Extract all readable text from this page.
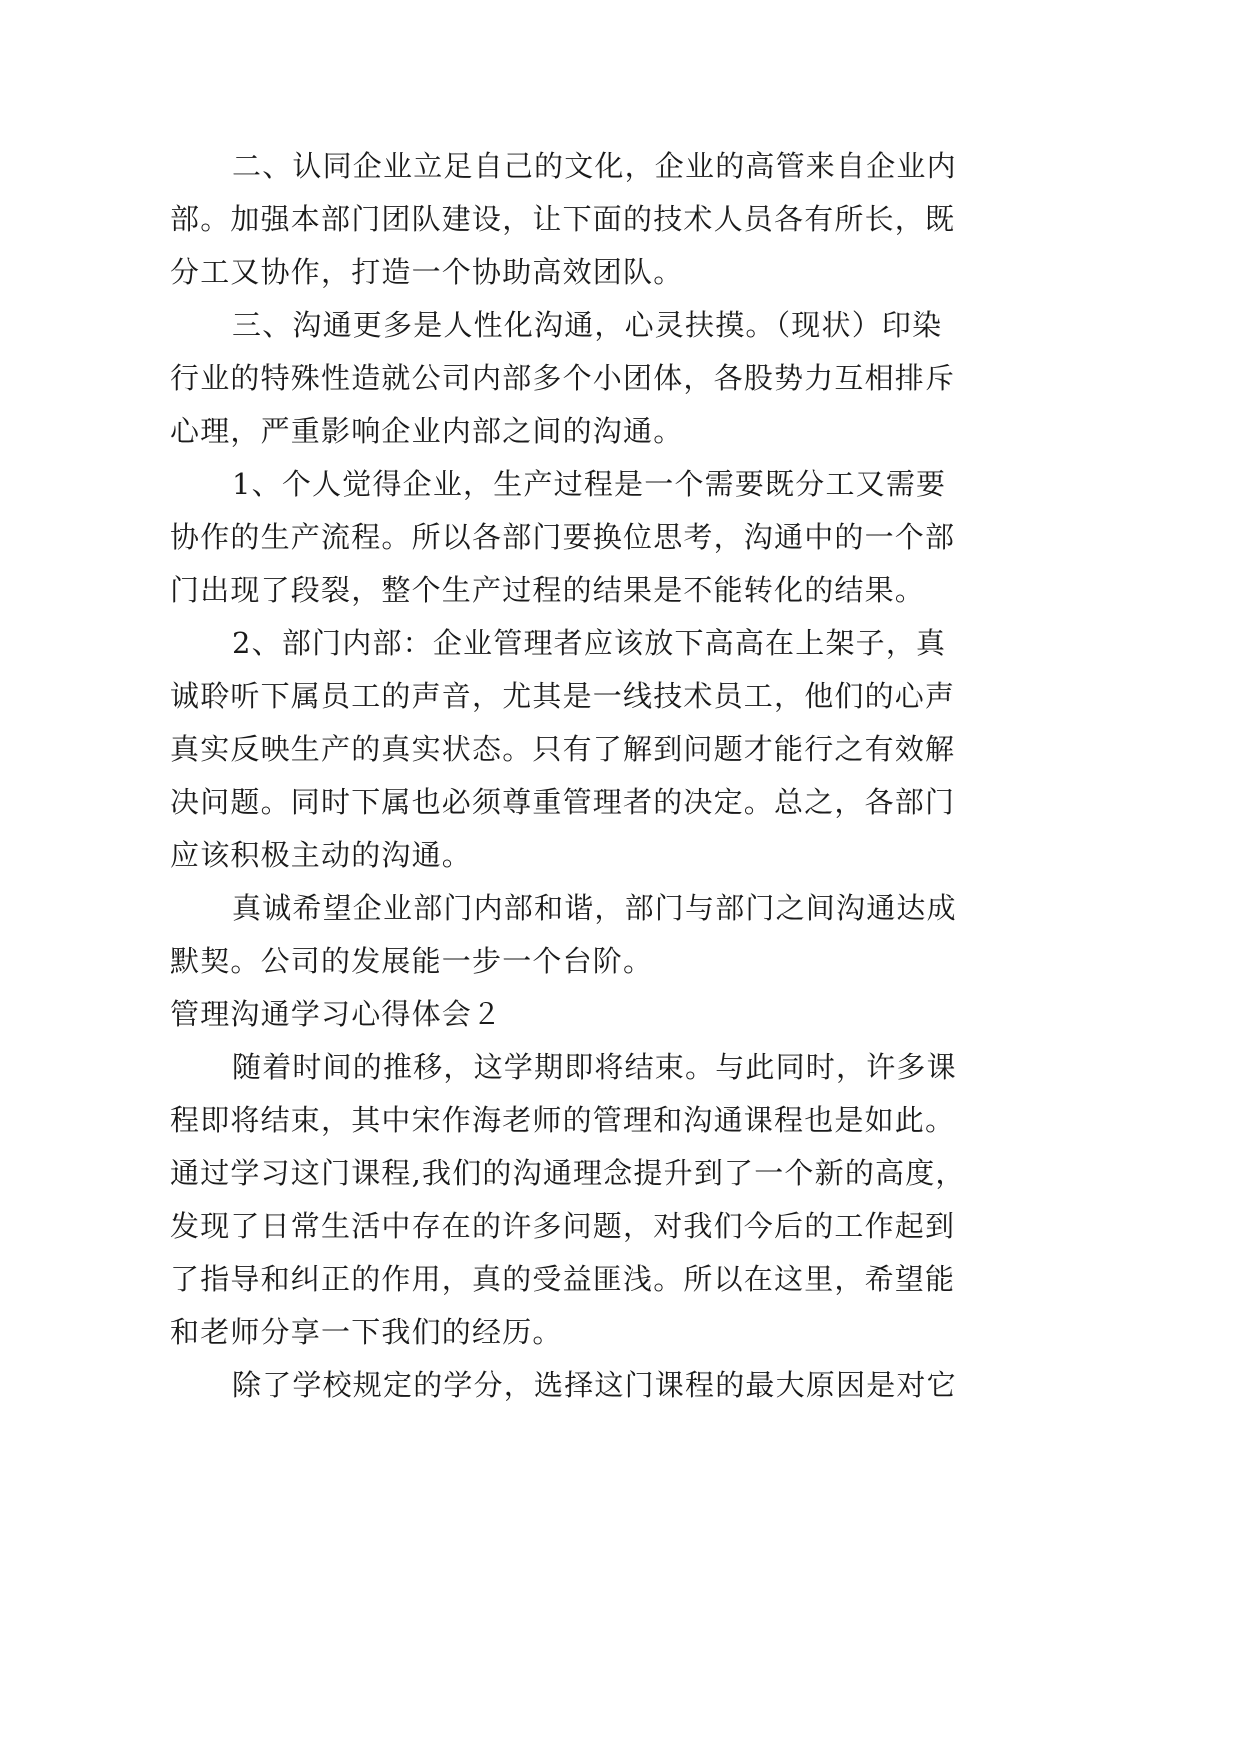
二、认同企业立足自己的文化，企业的高管来自企业内
部。加强本部门团队建设，让下面的技术人员各有所长，既
分工又协作，打造一个协助高效团队。
三、沟通更多是人性化沟通，心灵扶摸。（现状）印染
行业的特殊性造就公司内部多个小团体，各股势力互相排斥
心理，严重影响企业内部之间的沟通。
1、个人觉得企业，生产过程是一个需要既分工又需要
协作的生产流程。所以各部门要换位思考，沟通中的一个部
门出现了段裂，整个生产过程的结果是不能转化的结果。
2、部门内部：企业管理者应该放下高高在上架子，真
诚聆听下属员工的声音，尤其是一线技术员工，他们的心声
真实反映生产的真实状态。只有了解到问题才能行之有效解
决问题。同时下属也必须尊重管理者的决定。总之，各部门
应该积极主动的沟通。
真诚希望企业部门内部和谐，部门与部门之间沟通达成
默契。公司的发展能一步一个台阶。
管理沟通学习心得体会２
随着时间的推移，这学期即将结束。与此同时，许多课
程即将结束，其中宋作海老师的管理和沟通课程也是如此。
通过学习这门课程,我们的沟通理念提升到了一个新的高度，
发现了日常生活中存在的许多问题，对我们今后的工作起到
了指导和纠正的作用，真的受益匪浅。所以在这里，希望能
和老师分享一下我们的经历。
除了学校规定的学分，选择这门课程的最大原因是对它
